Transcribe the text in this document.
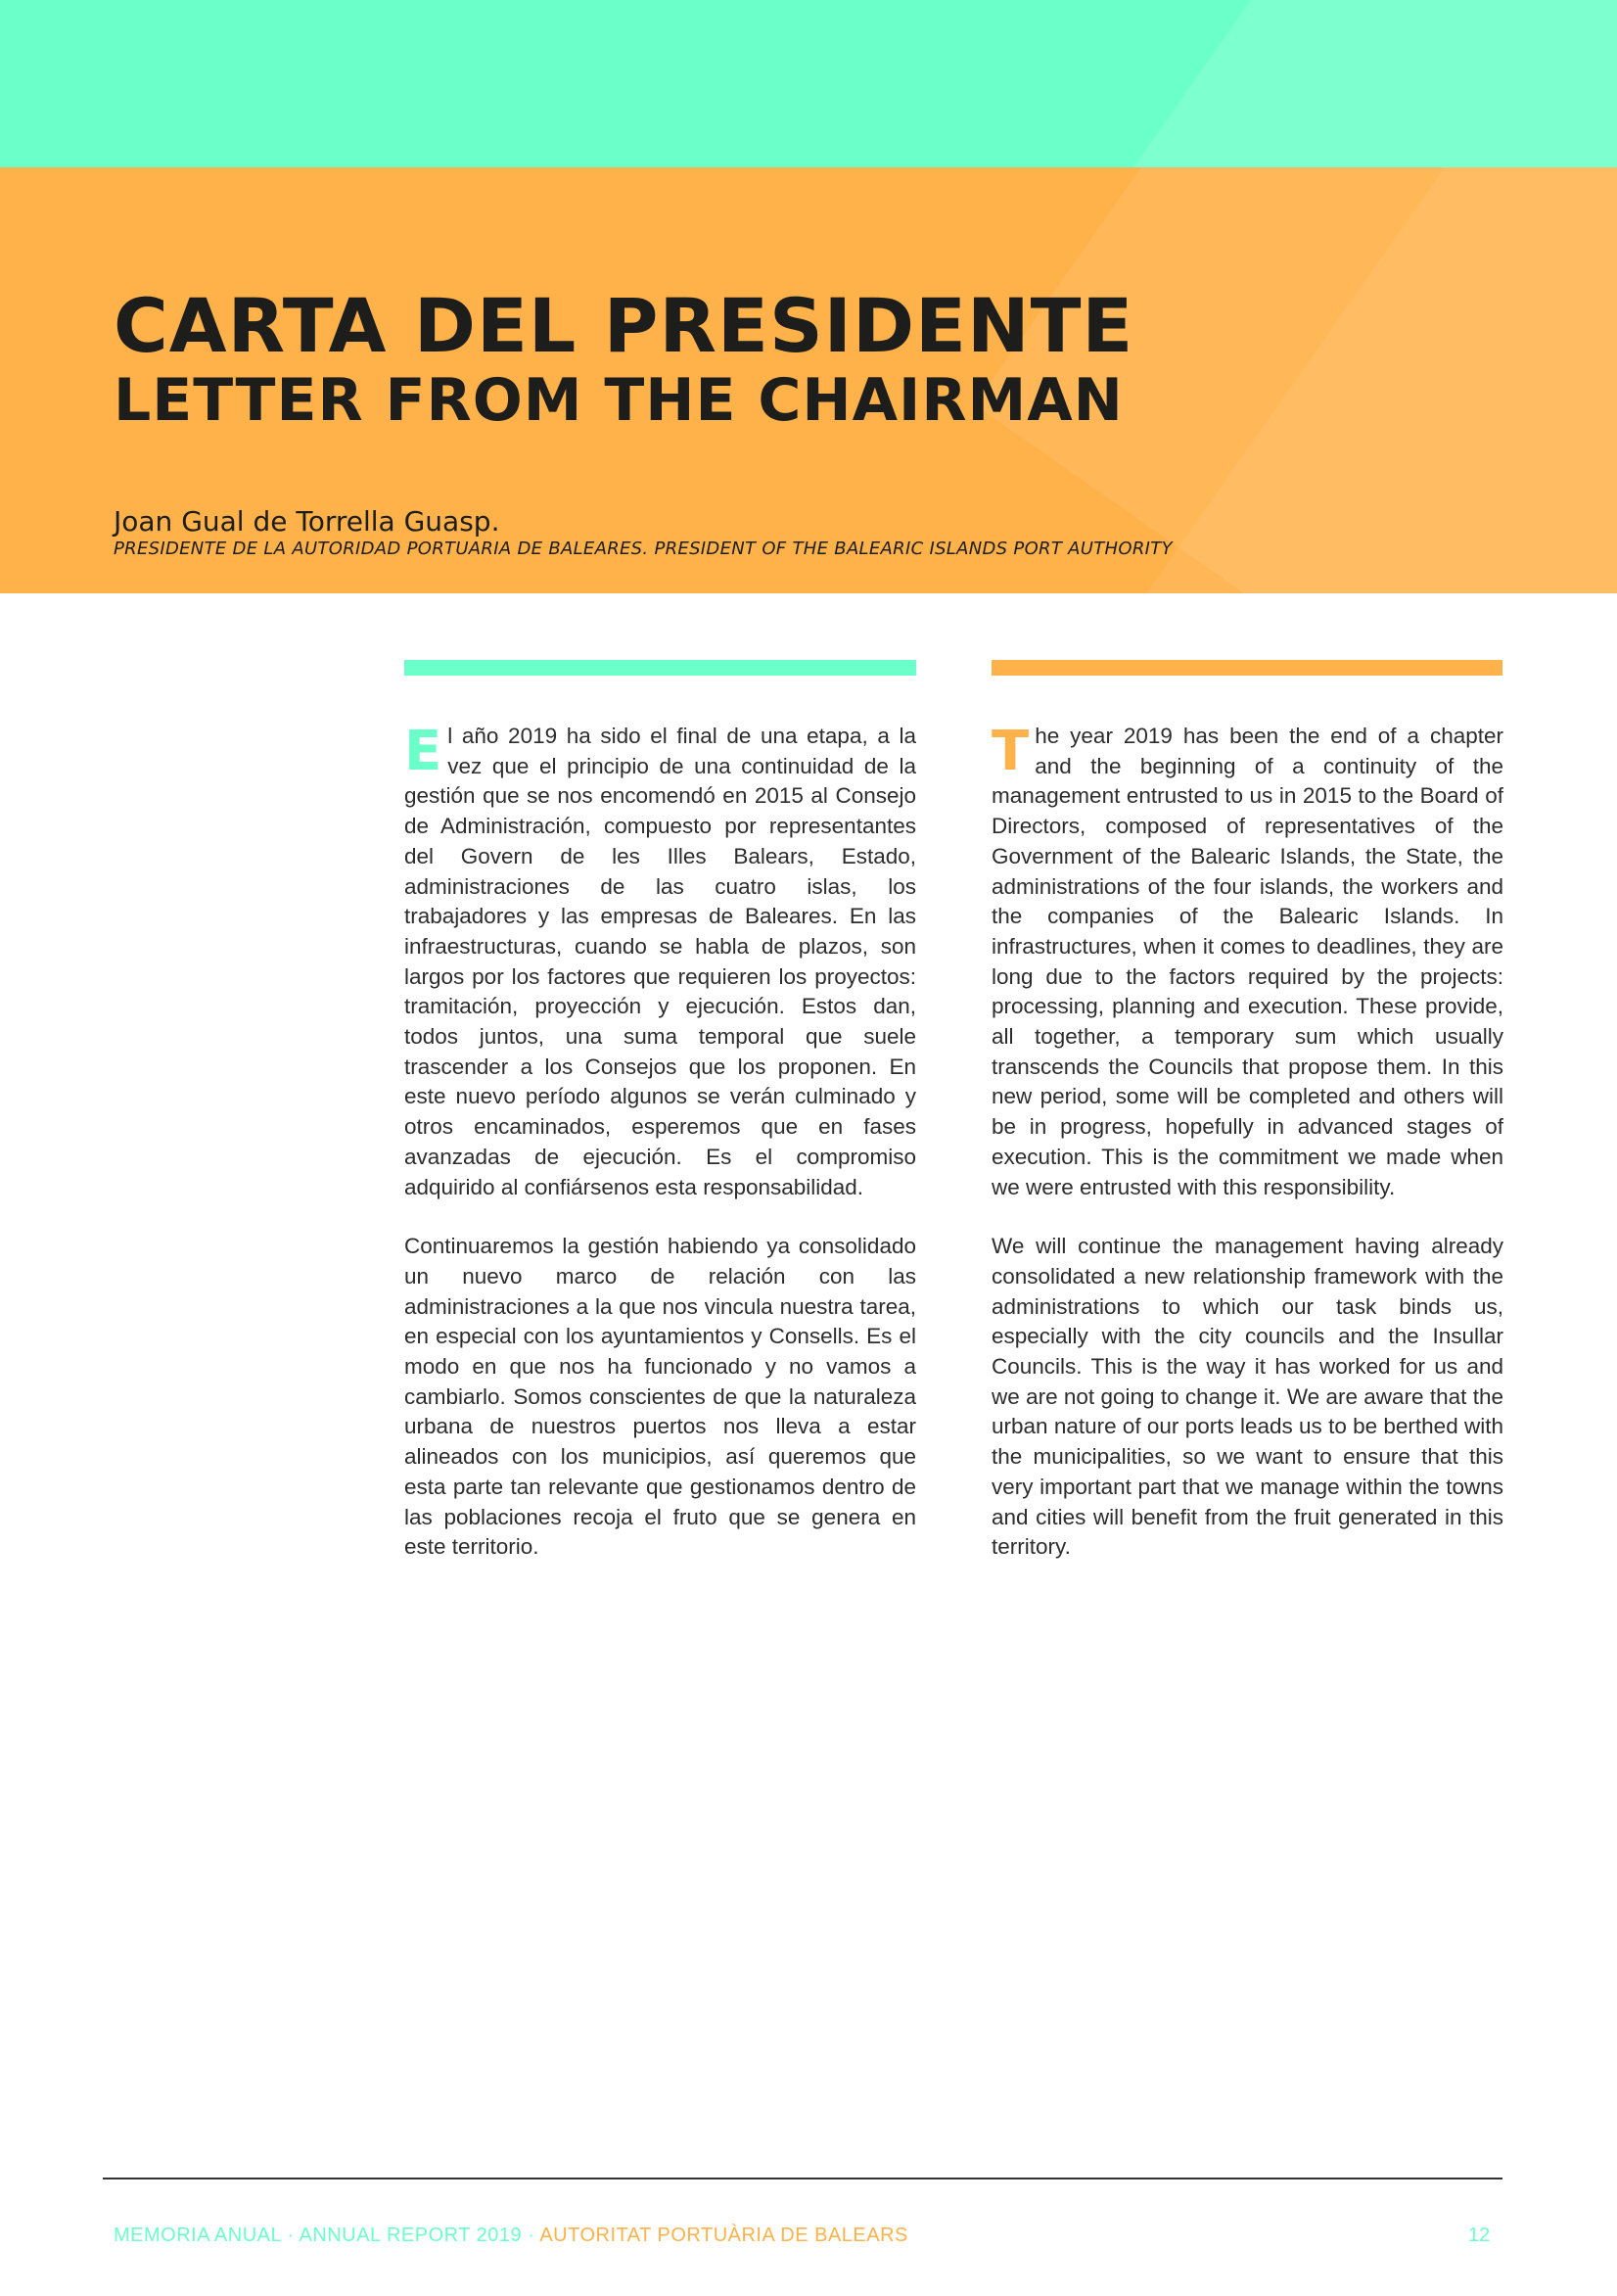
CARTA DEL PRESIDENTE
LETTER FROM THE CHAIRMAN
Joan Gual de Torrella Guasp.
PRESIDENTE DE LA AUTORIDAD PORTUARIA DE BALEARES. PRESIDENT OF THE BALEARIC ISLANDS PORT AUTHORITY

El año 2019 ha sido el final de una etapa, a la vez que el principio de una continuidad de la gestión que se nos encomendó en 2015 al Consejo de Administración, compuesto por representantes del Govern de les Illes Balears, Estado, administraciones de las cuatro islas, los trabajadores y las empresas de Baleares. En las infraestructuras, cuando se habla de plazos, son largos por los factores que requieren los proyectos: tramitación, proyección y ejecución. Estos dan, todos juntos, una suma temporal que suele trascender a los Consejos que los proponen. En este nuevo período algunos se verán culminado y otros encaminados, esperemos que en fases avanzadas de ejecución. Es el compromiso adquirido al confiársenos esta responsabilidad.

Continuaremos la gestión habiendo ya consolidado un nuevo marco de relación con las administraciones a la que nos vincula nuestra tarea, en especial con los ayuntamientos y Consells. Es el modo en que nos ha funcionado y no vamos a cambiarlo. Somos conscientes de que la naturaleza urbana de nuestros puertos nos lleva a estar alineados con los municipios, así queremos que esta parte tan relevante que gestionamos dentro de las poblaciones recoja el fruto que se genera en este territorio.

The year 2019 has been the end of a chapter and the beginning of a continuity of the management entrusted to us in 2015 to the Board of Directors, composed of representatives of the Government of the Balearic Islands, the State, the administrations of the four islands, the workers and the companies of the Balearic Islands. In infrastructures, when it comes to deadlines, they are long due to the factors required by the projects: processing, planning and execution. These provide, all together, a temporary sum which usually transcends the Councils that propose them. In this new period, some will be completed and others will be in progress, hopefully in advanced stages of execution. This is the commitment we made when we were entrusted with this responsibility.

We will continue the management having already consolidated a new relationship framework with the administrations to which our task binds us, especially with the city councils and the Insullar Councils. This is the way it has worked for us and we are not going to change it. We are aware that the urban nature of our ports leads us to be berthed with the municipalities, so we want to ensure that this very important part that we manage within the towns and cities will benefit from the fruit generated in this territory.

MEMORIA ANUAL · ANNUAL REPORT 2019 · AUTORITAT PORTUÀRIA DE BALEARS	12
